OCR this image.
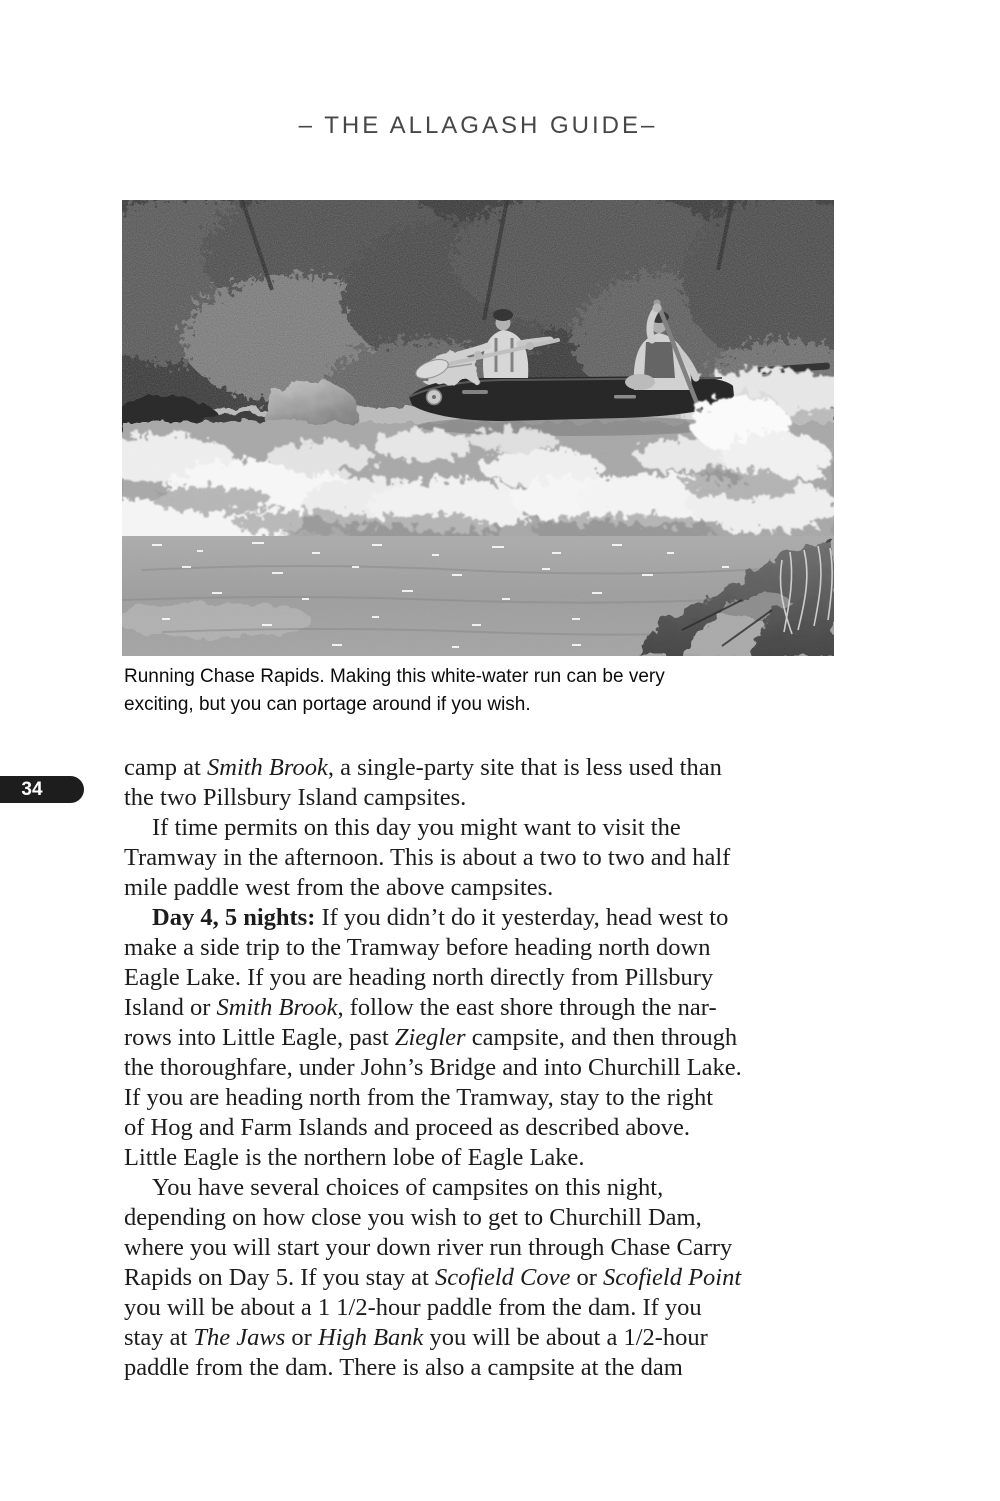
– THE ALLAGASH GUIDE–
Running Chase Rapids. Making this white-water run can be very
exciting, but you can portage around if you wish.
34
camp at Smith Brook, a single-party site that is less used than
the two Pillsbury Island campsites.
If time permits on this day you might want to visit the
Tramway in the afternoon. This is about a two to two and half
mile paddle west from the above campsites.
Day 4, 5 nights: If you didn’t do it yesterday, head west to
make a side trip to the Tramway before heading north down
Eagle Lake. If you are heading north directly from Pillsbury
Island or Smith Brook, follow the east shore through the nar-
rows into Little Eagle, past Ziegler campsite, and then through
the thoroughfare, under John’s Bridge and into Churchill Lake.
If you are heading north from the Tramway, stay to the right
of Hog and Farm Islands and proceed as described above.
Little Eagle is the northern lobe of Eagle Lake.
You have several choices of campsites on this night,
depending on how close you wish to get to Churchill Dam,
where you will start your down river run through Chase Carry
Rapids on Day 5. If you stay at Scofield Cove or Scofield Point
you will be about a 1 1/2-hour paddle from the dam. If you
stay at The Jaws or High Bank you will be about a 1/2-hour
paddle from the dam. There is also a campsite at the dam
